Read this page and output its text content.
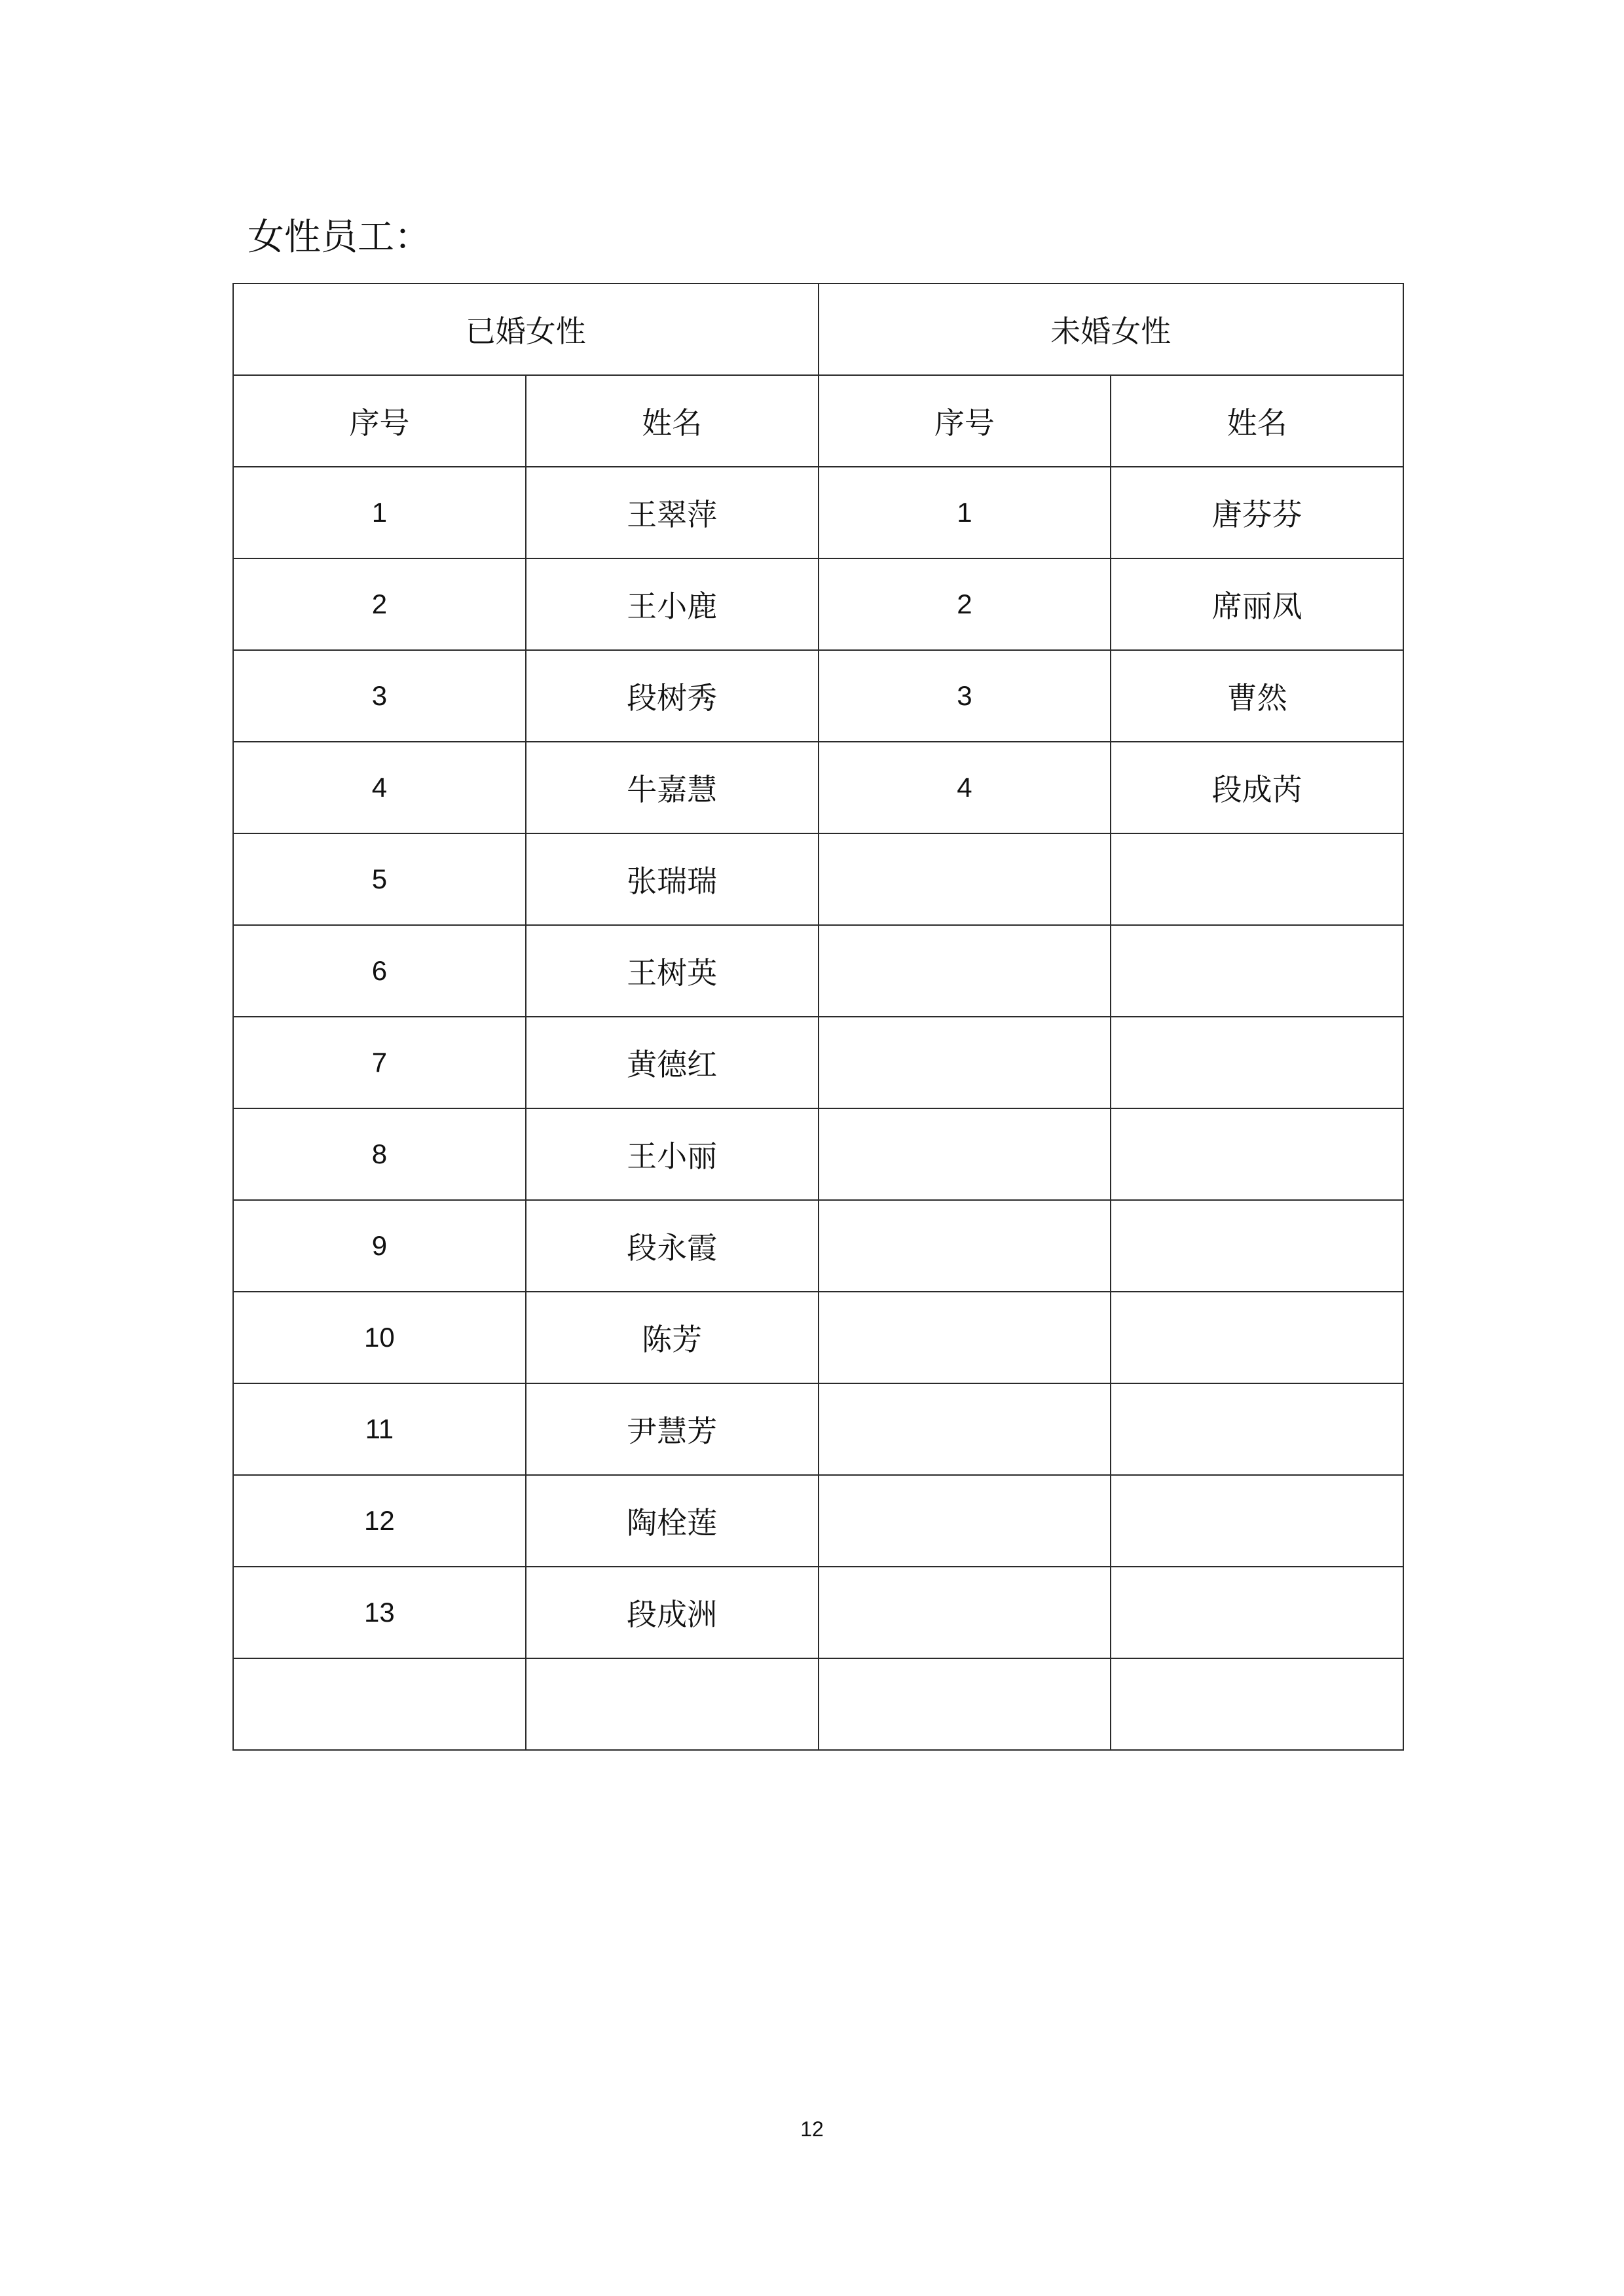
女性员工：
已婚女性		未婚女性	
序号	姓名	序号	姓名
1	王翠萍	1	唐芬芬
2	王小鹿	2	席丽凤
3	段树秀	3	曹然
4	牛嘉慧	4	段成芮
5	张瑞瑞		
6	王树英		
7	黄德红		
8	王小丽		
9	段永霞		
10	陈芳		
11	尹慧芳		
12	陶栓莲		
13	段成洲		

12
